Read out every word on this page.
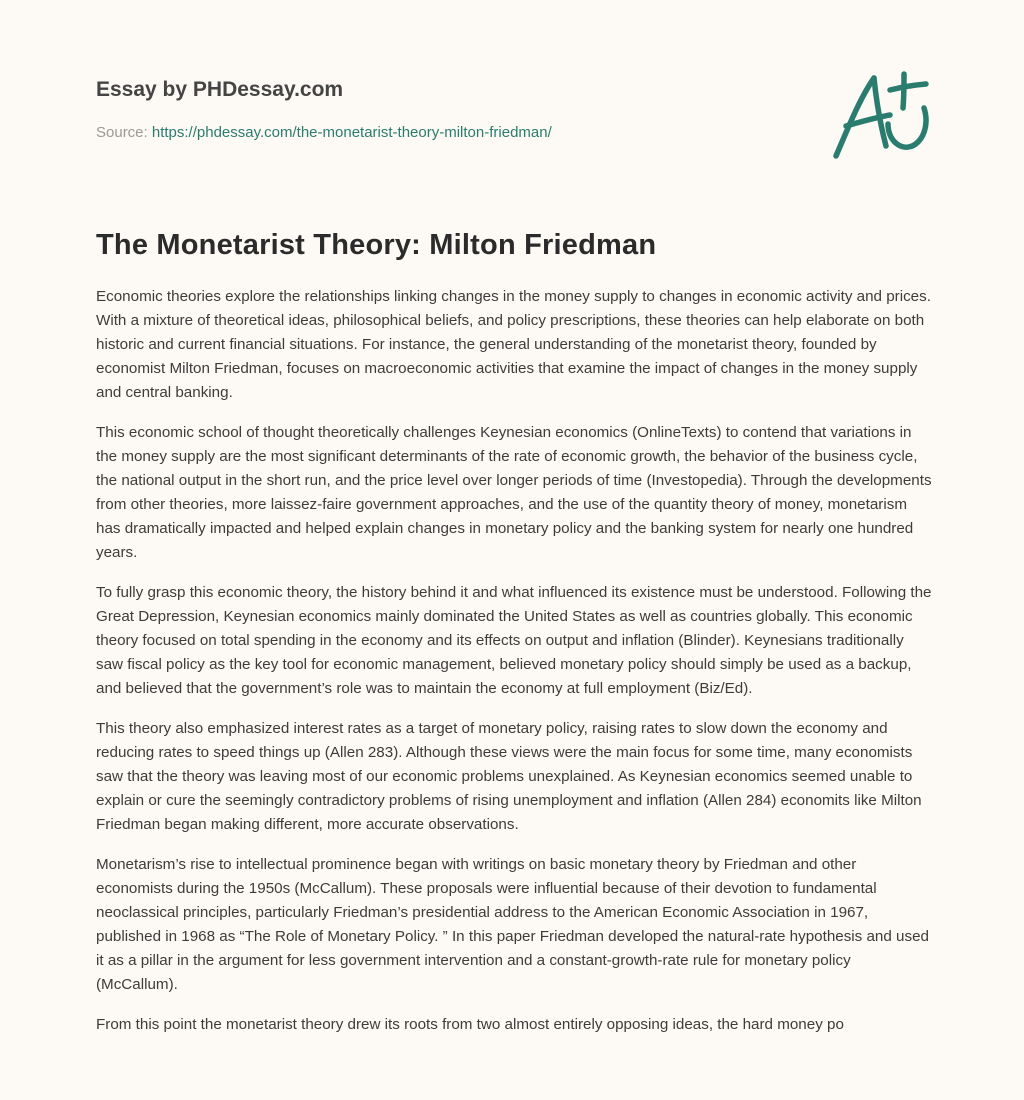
Essay by PHDessay.com

Source: https://phdessay.com/the-monetarist-theory-milton-friedman/

The Monetarist Theory: Milton Friedman

Economic theories explore the relationships linking changes in the money supply to changes in economic activity and prices. With a mixture of theoretical ideas, philosophical beliefs, and policy prescriptions, these theories can help elaborate on both historic and current financial situations. For instance, the general understanding of the monetarist theory, founded by economist Milton Friedman, focuses on macroeconomic activities that examine the impact of changes in the money supply and central banking.

This economic school of thought theoretically challenges Keynesian economics (OnlineTexts) to contend that variations in the money supply are the most significant determinants of the rate of economic growth, the behavior of the business cycle, the national output in the short run, and the price level over longer periods of time (Investopedia). Through the developments from other theories, more laissez-faire government approaches, and the use of the quantity theory of money, monetarism has dramatically impacted and helped explain changes in monetary policy and the banking system for nearly one hundred years.

To fully grasp this economic theory, the history behind it and what influenced its existence must be understood. Following the Great Depression, Keynesian economics mainly dominated the United States as well as countries globally. This economic theory focused on total spending in the economy and its effects on output and inflation (Blinder). Keynesians traditionally saw fiscal policy as the key tool for economic management, believed monetary policy should simply be used as a backup, and believed that the government’s role was to maintain the economy at full employment (Biz/Ed).

This theory also emphasized interest rates as a target of monetary policy, raising rates to slow down the economy and reducing rates to speed things up (Allen 283). Although these views were the main focus for some time, many economists saw that the theory was leaving most of our economic problems unexplained. As Keynesian economics seemed unable to explain or cure the seemingly contradictory problems of rising unemployment and inflation (Allen 284) economits like Milton Friedman began making different, more accurate observations.

Monetarism’s rise to intellectual prominence began with writings on basic monetary theory by Friedman and other economists during the 1950s (McCallum). These proposals were influential because of their devotion to fundamental neoclassical principles, particularly Friedman’s presidential address to the American Economic Association in 1967, published in 1968 as “The Role of Monetary Policy. ” In this paper Friedman developed the natural-rate hypothesis and used it as a pillar in the argument for less government intervention and a constant-growth-rate rule for monetary policy (McCallum).

From this point the monetarist theory drew its roots from two almost entirely opposing ideas, the hard money po
